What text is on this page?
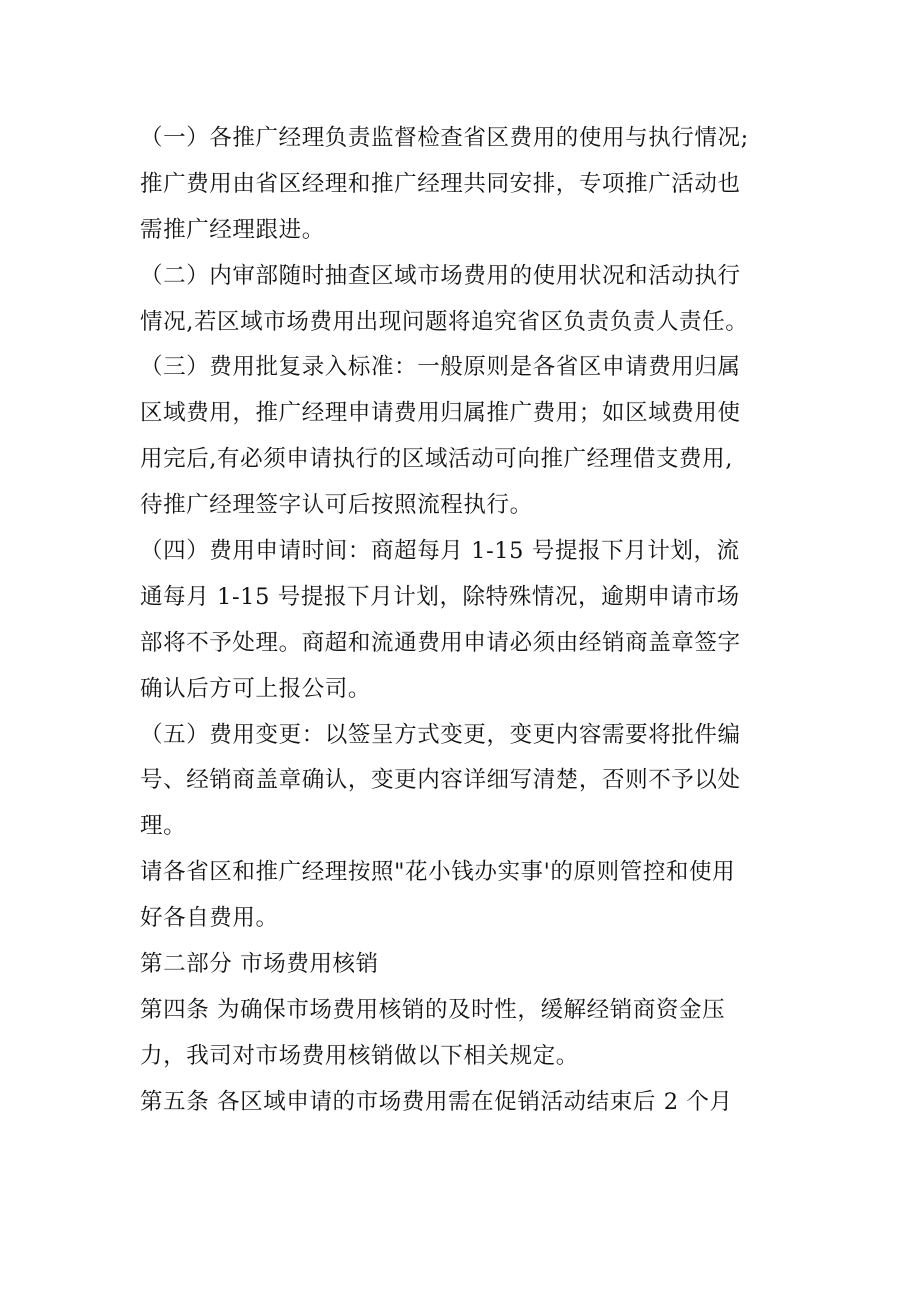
（一）各推广经理负责监督检查省区费用的使用与执行情况;
推广费用由省区经理和推广经理共同安排，专项推广活动也
需推广经理跟进。
（二）内审部随时抽查区域市场费用的使用状况和活动执行
情况,若区域市场费用出现问题将追究省区负责负责人责任。
（三）费用批复录入标准：一般原则是各省区申请费用归属
区域费用，推广经理申请费用归属推广费用；如区域费用使
用完后,有必须申请执行的区域活动可向推广经理借支费用,
待推广经理签字认可后按照流程执行。
（四）费用申请时间：商超每月 1-15 号提报下月计划，流
通每月 1-15 号提报下月计划，除特殊情况，逾期申请市场
部将不予处理。商超和流通费用申请必须由经销商盖章签字
确认后方可上报公司。
（五）费用变更：以签呈方式变更，变更内容需要将批件编
号、经销商盖章确认，变更内容详细写清楚，否则不予以处
理。
请各省区和推广经理按照"花小钱办实事'的原则管控和使用
好各自费用。
第二部分 市场费用核销
第四条 为确保市场费用核销的及时性，缓解经销商资金压
力，我司对市场费用核销做以下相关规定。
第五条 各区域申请的市场费用需在促销活动结束后 2 个月
